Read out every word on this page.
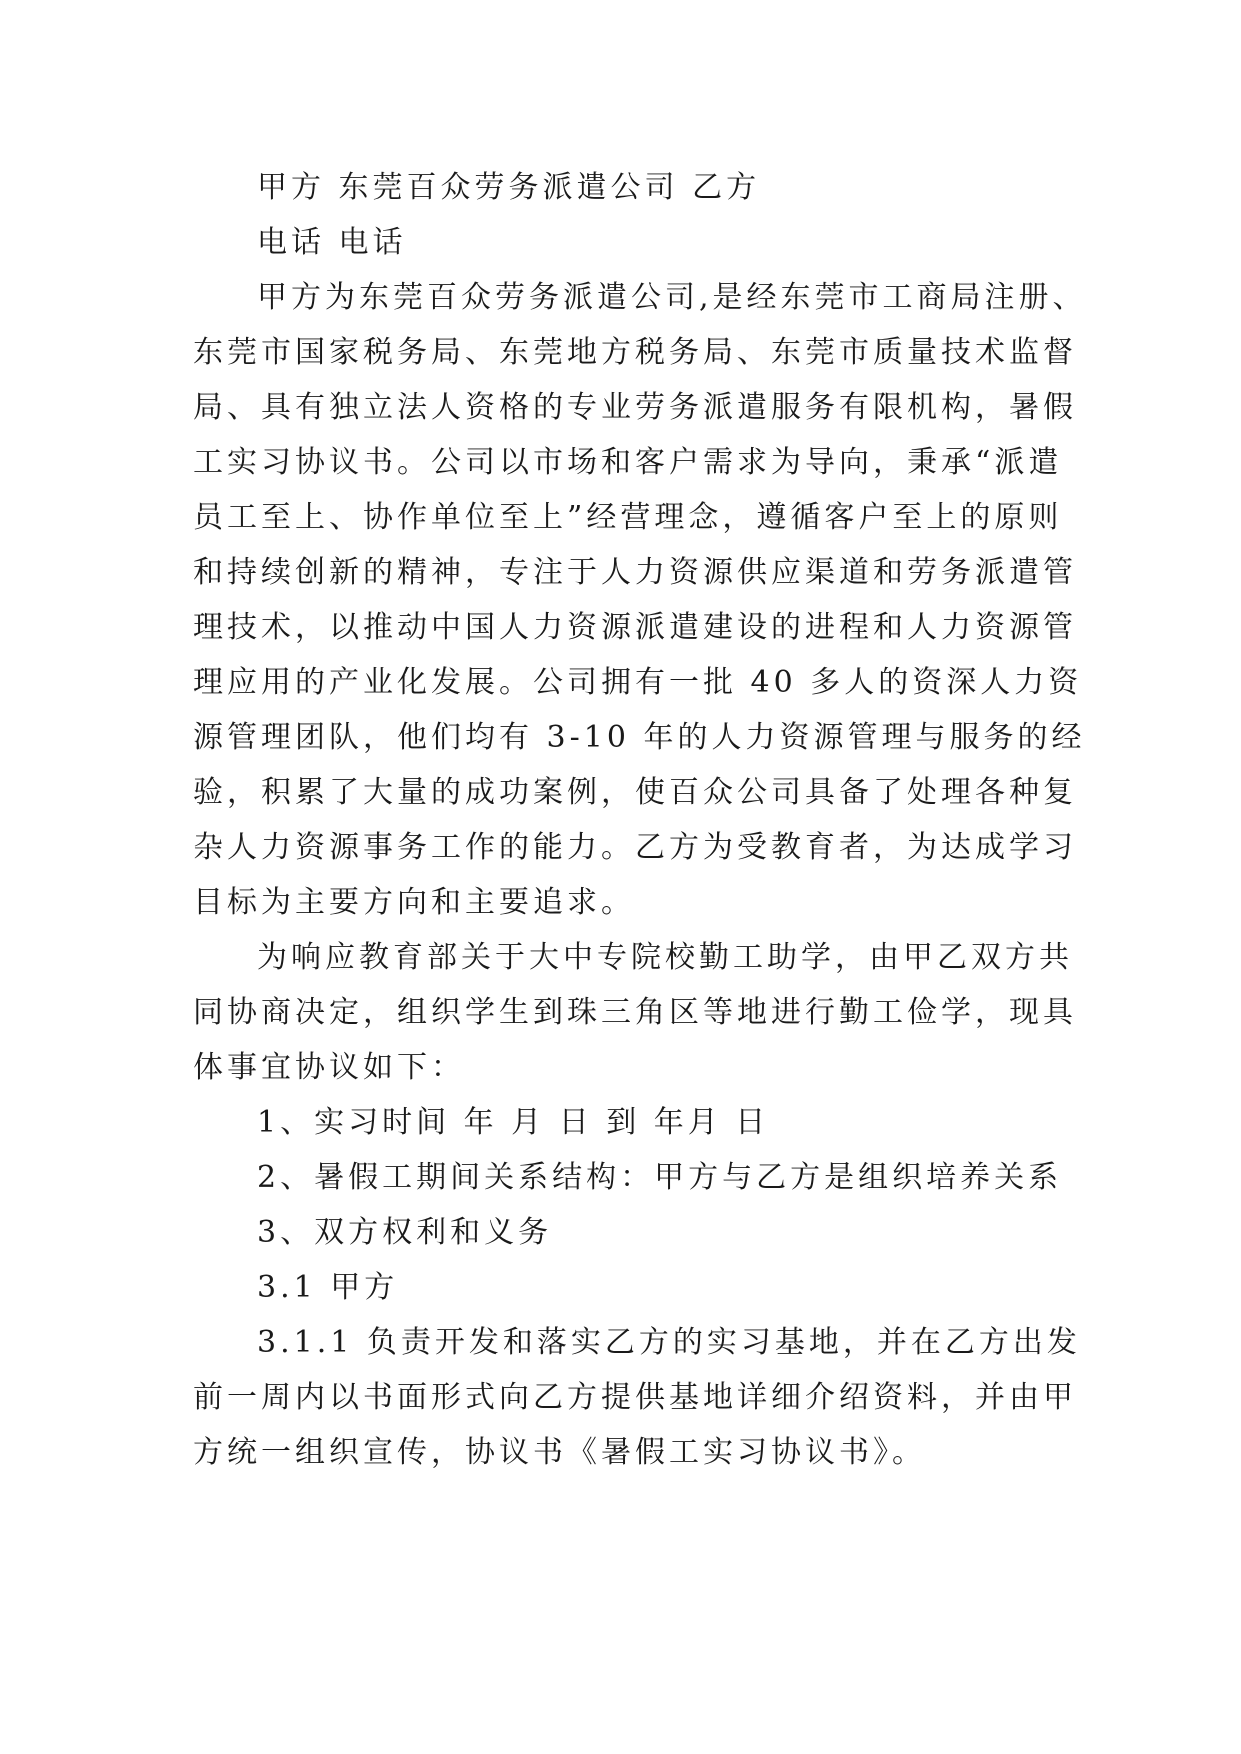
甲方 东莞百众劳务派遣公司 乙方
电话 电话
甲方为东莞百众劳务派遣公司,是经东莞市工商局注册、
东莞市国家税务局、东莞地方税务局、东莞市质量技术监督
局、具有独立法人资格的专业劳务派遣服务有限机构，暑假
工实习协议书。公司以市场和客户需求为导向，秉承“派遣
员工至上、协作单位至上”经营理念，遵循客户至上的原则
和持续创新的精神，专注于人力资源供应渠道和劳务派遣管
理技术，以推动中国人力资源派遣建设的进程和人力资源管
理应用的产业化发展。公司拥有一批 40 多人的资深人力资
源管理团队，他们均有 3-10 年的人力资源管理与服务的经
验，积累了大量的成功案例，使百众公司具备了处理各种复
杂人力资源事务工作的能力。乙方为受教育者，为达成学习
目标为主要方向和主要追求。
为响应教育部关于大中专院校勤工助学，由甲乙双方共
同协商决定，组织学生到珠三角区等地进行勤工俭学，现具
体事宜协议如下：
1、实习时间 年 月 日 到 年月 日
2、暑假工期间关系结构：甲方与乙方是组织培养关系
3、双方权利和义务
3.1 甲方
3.1.1 负责开发和落实乙方的实习基地，并在乙方出发
前一周内以书面形式向乙方提供基地详细介绍资料，并由甲
方统一组织宣传，协议书《暑假工实习协议书》。
